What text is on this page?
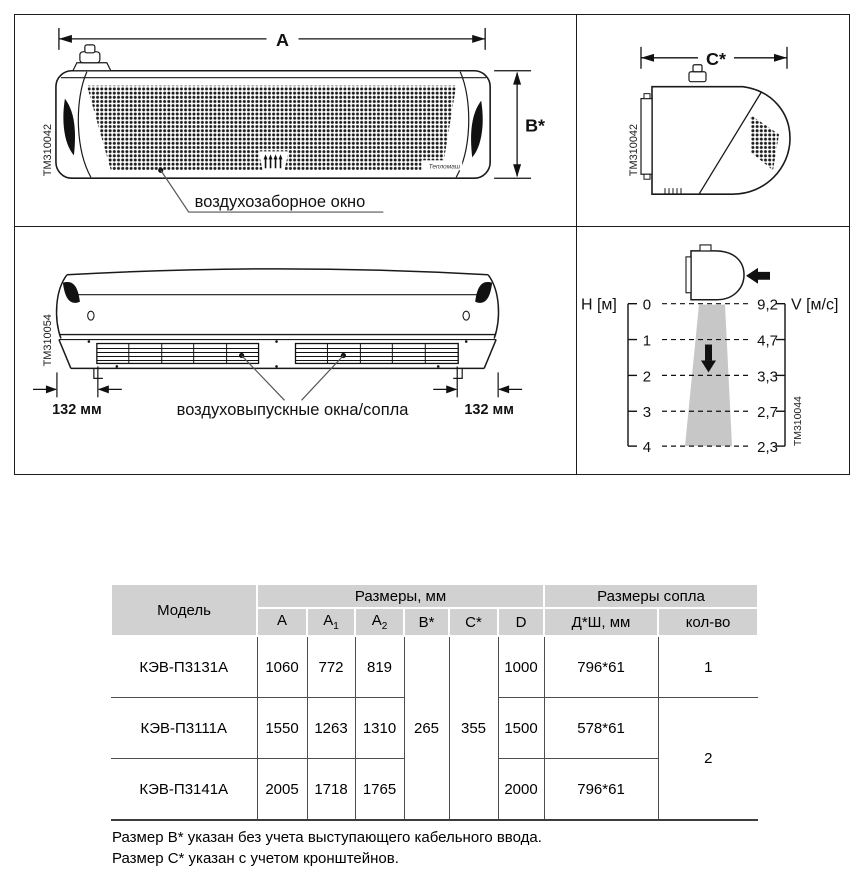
A
Тепломаш
B*
воздухозаборное окно
ТМ310042
C*
ТМ310042
132 мм	132 мм
воздуховыпускные окна/сопла
ТМ310054
H [м]	V [м/с]
0
1
2
3
4
9,2
4,7
3,3
2,7
2,3
ТМ310044
Модель	Размеры, мм						Размеры сопла	
	A	$A_1$	$A_2$	B*	C*	D	Д*Ш, мм	кол-во
КЭВ-П3131А	1060	772	819	265	355	1000	796*61	1
КЭВ-П3111А	1550	1263	1310			1500	578*61	2
КЭВ-П3141А	2005	1718	1765			2000	796*61	
Размер B* указан без учета выступающего кабельного ввода.
Размер C* указан с учетом кронштейнов.
